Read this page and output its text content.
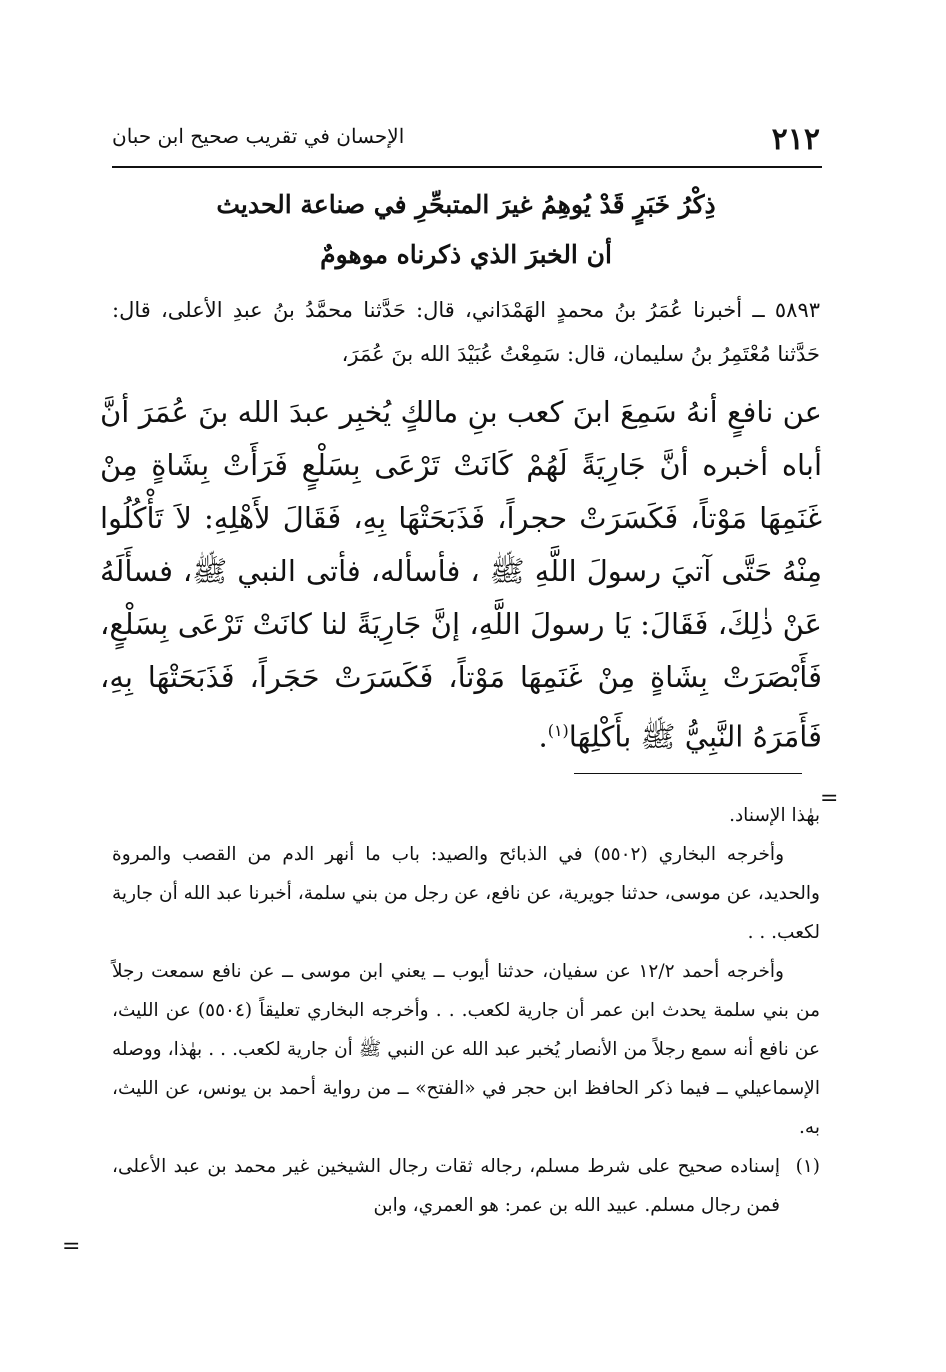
٢١٢
الإحسان في تقريب صحيح ابن حبان
ذِكْرُ خَبَرٍ قَدْ يُوهِمُ غيرَ المتبحِّرِ في صناعة الحديث
أن الخبرَ الذي ذكرناه موهومٌ
٥٨٩٣ ــ أخبرنا عُمَرُ بنُ محمدٍ الهَمْدَاني، قال: حَدَّثنا محمَّدُ بنُ عبدِ الأعلى، قال: حَدَّثنا مُعْتَمِرُ بنُ سليمان، قال: سَمِعْتُ عُبَيْدَ الله بنَ عُمَرَ،
عن نافعٍ أنهُ سَمِعَ ابنَ كعب بنِ مالكٍ يُخبِر عبدَ الله بنَ عُمَرَ أنَّ أباه أخبره أنَّ جَارِيَةً لَهُمْ كَانَتْ تَرْعَى بِسَلْعٍ فَرَأَتْ بِشَاةٍ مِنْ غَنَمِهَا مَوْتاً، فَكَسَرَتْ حجراً، فَذَبَحَتْهَا بِهِ، فَقَالَ لأَهْلِهِ: لاَ تَأْكُلُوا مِنْهُ حَتَّى آتيَ رسولَ اللَّهِ ﷺ ، فأسأله، فأتى النبي ﷺ، فسأَلَهُ عَنْ ذٰلِكَ، فَقَالَ: يَا رسولَ اللَّهِ، إنَّ جَارِيَةً لنا كانَتْ تَرْعَى بِسَلْعٍ، فَأَبْصَرَتْ بِشَاةٍ مِنْ غَنَمِهَا مَوْتاً، فَكَسَرَتْ حَجَراً، فَذَبَحَتْهَا بِهِ، فَأَمَرَهُ النَّبِيُّ ﷺ بأَكْلِهَا$^{(١)}$.
=

بهٰذا الإسناد.

وأخرجه البخاري (٥٥٠٢) في الذبائح والصيد: باب ما أنهر الدم من القصب والمروة والحديد، عن موسى، حدثنا جويرية، عن نافع، عن رجل من بني سلمة، أخبرنا عبد الله أن جارية لكعب. . .

وأخرجه أحمد ١٢/٢ عن سفيان، حدثنا أيوب ــ يعني ابن موسى ــ عن نافع سمعت رجلاً من بني سلمة يحدث ابن عمر أن جارية لكعب. . . وأخرجه البخاري تعليقاً (٥٥٠٤) عن الليث، عن نافع أنه سمع رجلاً من الأنصار يُخبر عبد الله عن النبي ﷺ أن جارية لكعب. . . بهٰذا، ووصله الإسماعيلي ــ فيما ذكر الحافظ ابن حجر في «الفتح» ــ من رواية أحمد بن يونس، عن الليث، به.

(١)
إسناده صحيح على شرط مسلم، رجاله ثقات رجال الشيخين غير محمد بن عبد الأعلى، فمن رجال مسلم. عبيد الله بن عمر: هو العمري، وابن
=
